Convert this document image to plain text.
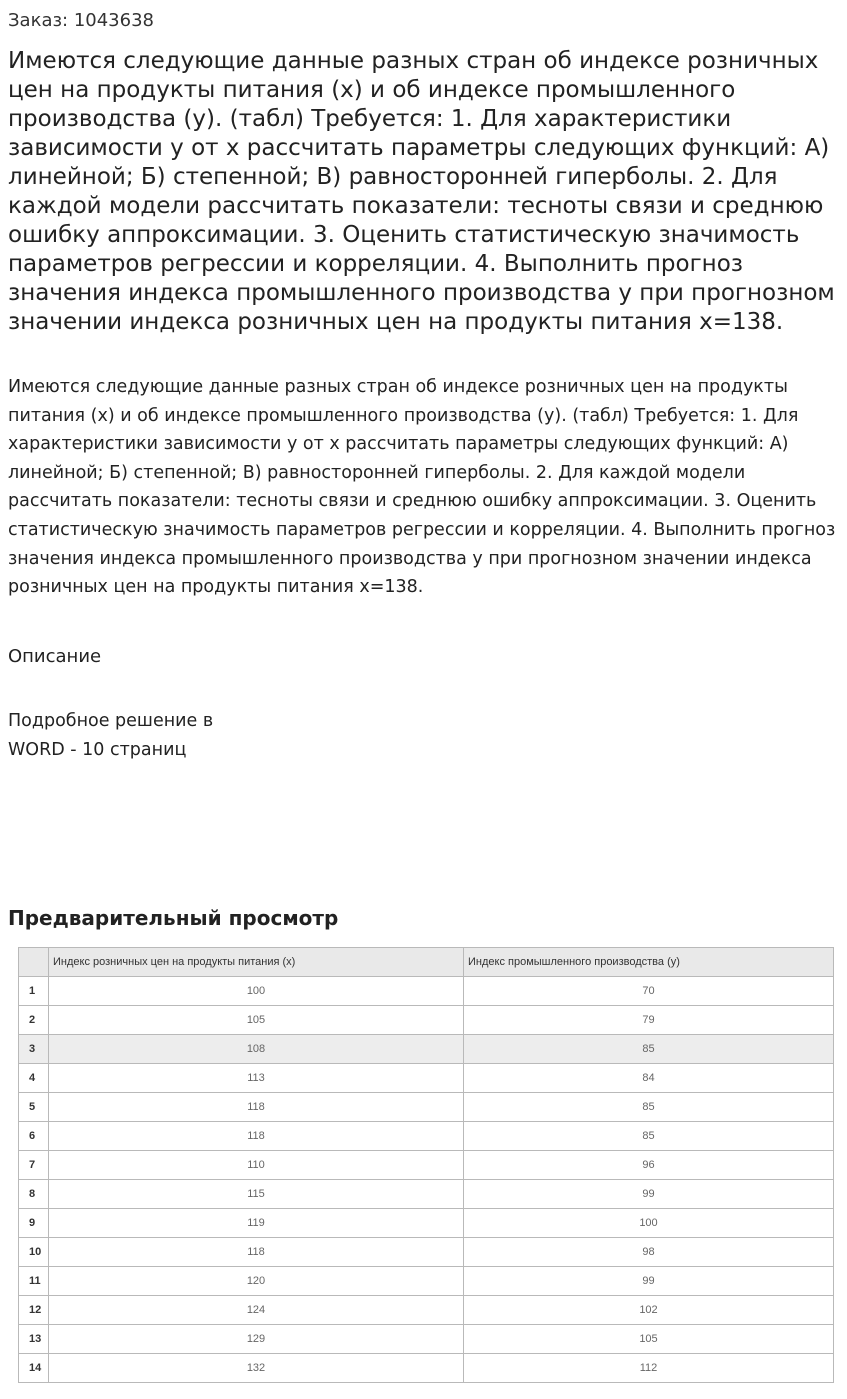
Заказ: 1043638
Имеются следующие данные разных стран об индексе розничных цен на продукты питания (х) и об индексе промышленного производства (у). (табл) Требуется: 1. Для характеристики зависимости у от х рассчитать параметры следующих функций: А) линейной; Б) степенной; В) равносторонней гиперболы. 2. Для каждой модели рассчитать показатели: тесноты связи и среднюю ошибку аппроксимации. 3. Оценить статистическую значимость параметров регрессии и корреляции. 4. Выполнить прогноз значения индекса промышленного производства у при прогнозном значении индекса розничных цен на продукты питания х=138.

Имеются следующие данные разных стран об индексе розничных цен на продукты питания (х) и об индексе промышленного производства (у). (табл) Требуется: 1. Для характеристики зависимости у от х рассчитать параметры следующих функций: А) линейной; Б) степенной; В) равносторонней гиперболы. 2. Для каждой модели рассчитать показатели: тесноты связи и среднюю ошибку аппроксимации. 3. Оценить статистическую значимость параметров регрессии и корреляции. 4. Выполнить прогноз значения индекса промышленного производства у при прогнозном значении индекса розничных цен на продукты питания х=138.

Описание
Подробное решение в WORD - 10 страниц
Предварительный просмотр
	Индекс розничных цен на продукты питания (х)	Индекс промышленного производства (у)
1	100	70
2	105	79
3	108	85
4	113	84
5	118	85
6	118	85
7	110	96
8	115	99
9	119	100
10	118	98
11	120	99
12	124	102
13	129	105
14	132	112
